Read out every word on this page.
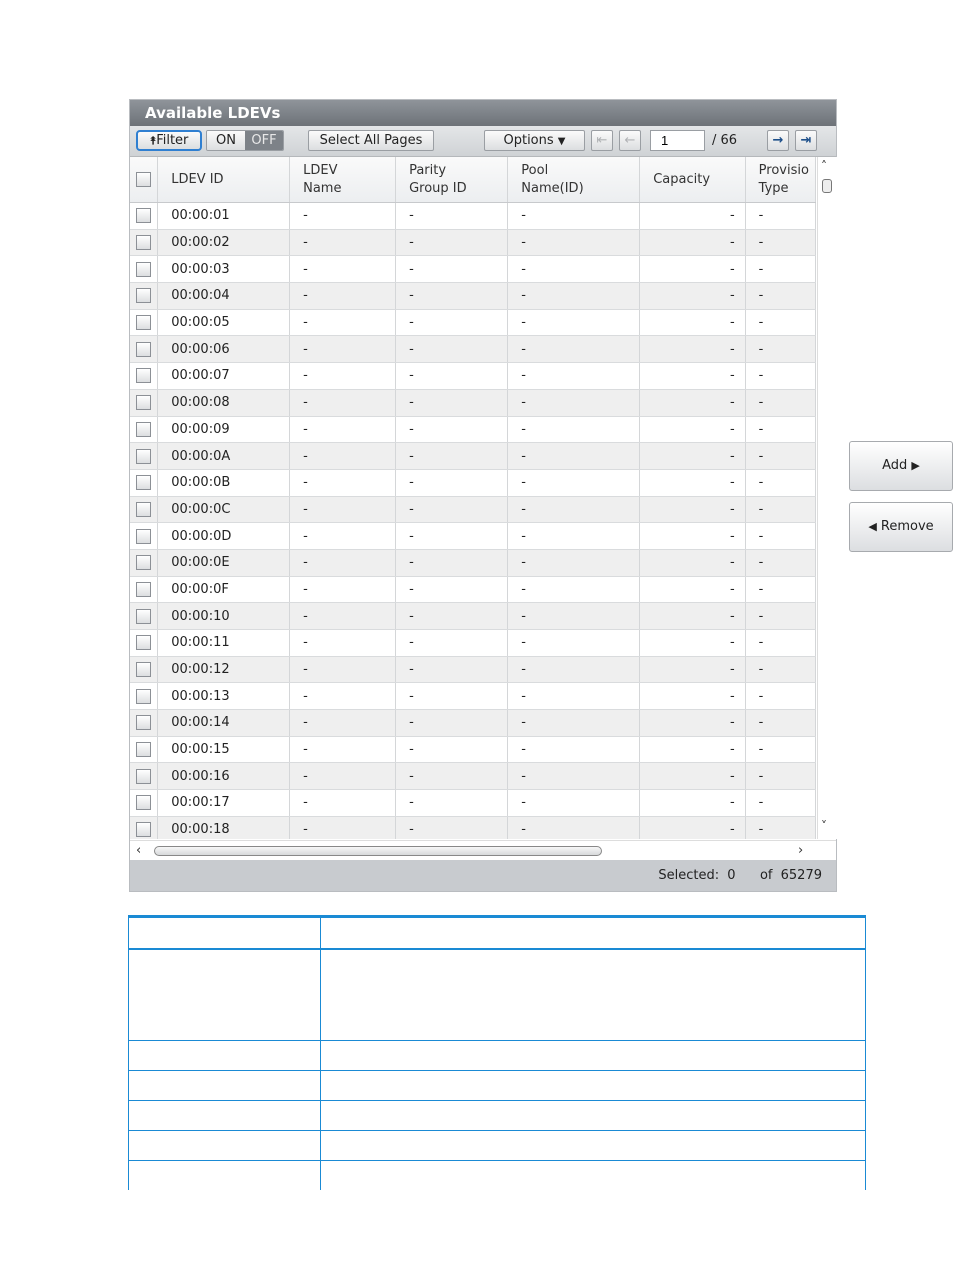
Available LDEVs
⯭Filter	ON	OFF	Select All Pages	Options ▼	⇤	←
1	/ 66	→	⇥
	LDEV ID	LDEV
Name	Parity
Group ID	Pool
Name(ID)	Capacity	Provisio
Type
	00:00:01	-	-	-	-	-
	00:00:02	-	-	-	-	-
	00:00:03	-	-	-	-	-
	00:00:04	-	-	-	-	-
	00:00:05	-	-	-	-	-
	00:00:06	-	-	-	-	-
	00:00:07	-	-	-	-	-
	00:00:08	-	-	-	-	-
	00:00:09	-	-	-	-	-
	00:00:0A	-	-	-	-	-
	00:00:0B	-	-	-	-	-
	00:00:0C	-	-	-	-	-
	00:00:0D	-	-	-	-	-
	00:00:0E	-	-	-	-	-
	00:00:0F	-	-	-	-	-
	00:00:10	-	-	-	-	-
	00:00:11	-	-	-	-	-
	00:00:12	-	-	-	-	-
	00:00:13	-	-	-	-	-
	00:00:14	-	-	-	-	-
	00:00:15	-	-	-	-	-
	00:00:16	-	-	-	-	-
	00:00:17	-	-	-	-	-
	00:00:18	-	-	-	-	-
˄
˅
‹	›
Selected: 0 of 65279
Add ▶
◀ Remove
